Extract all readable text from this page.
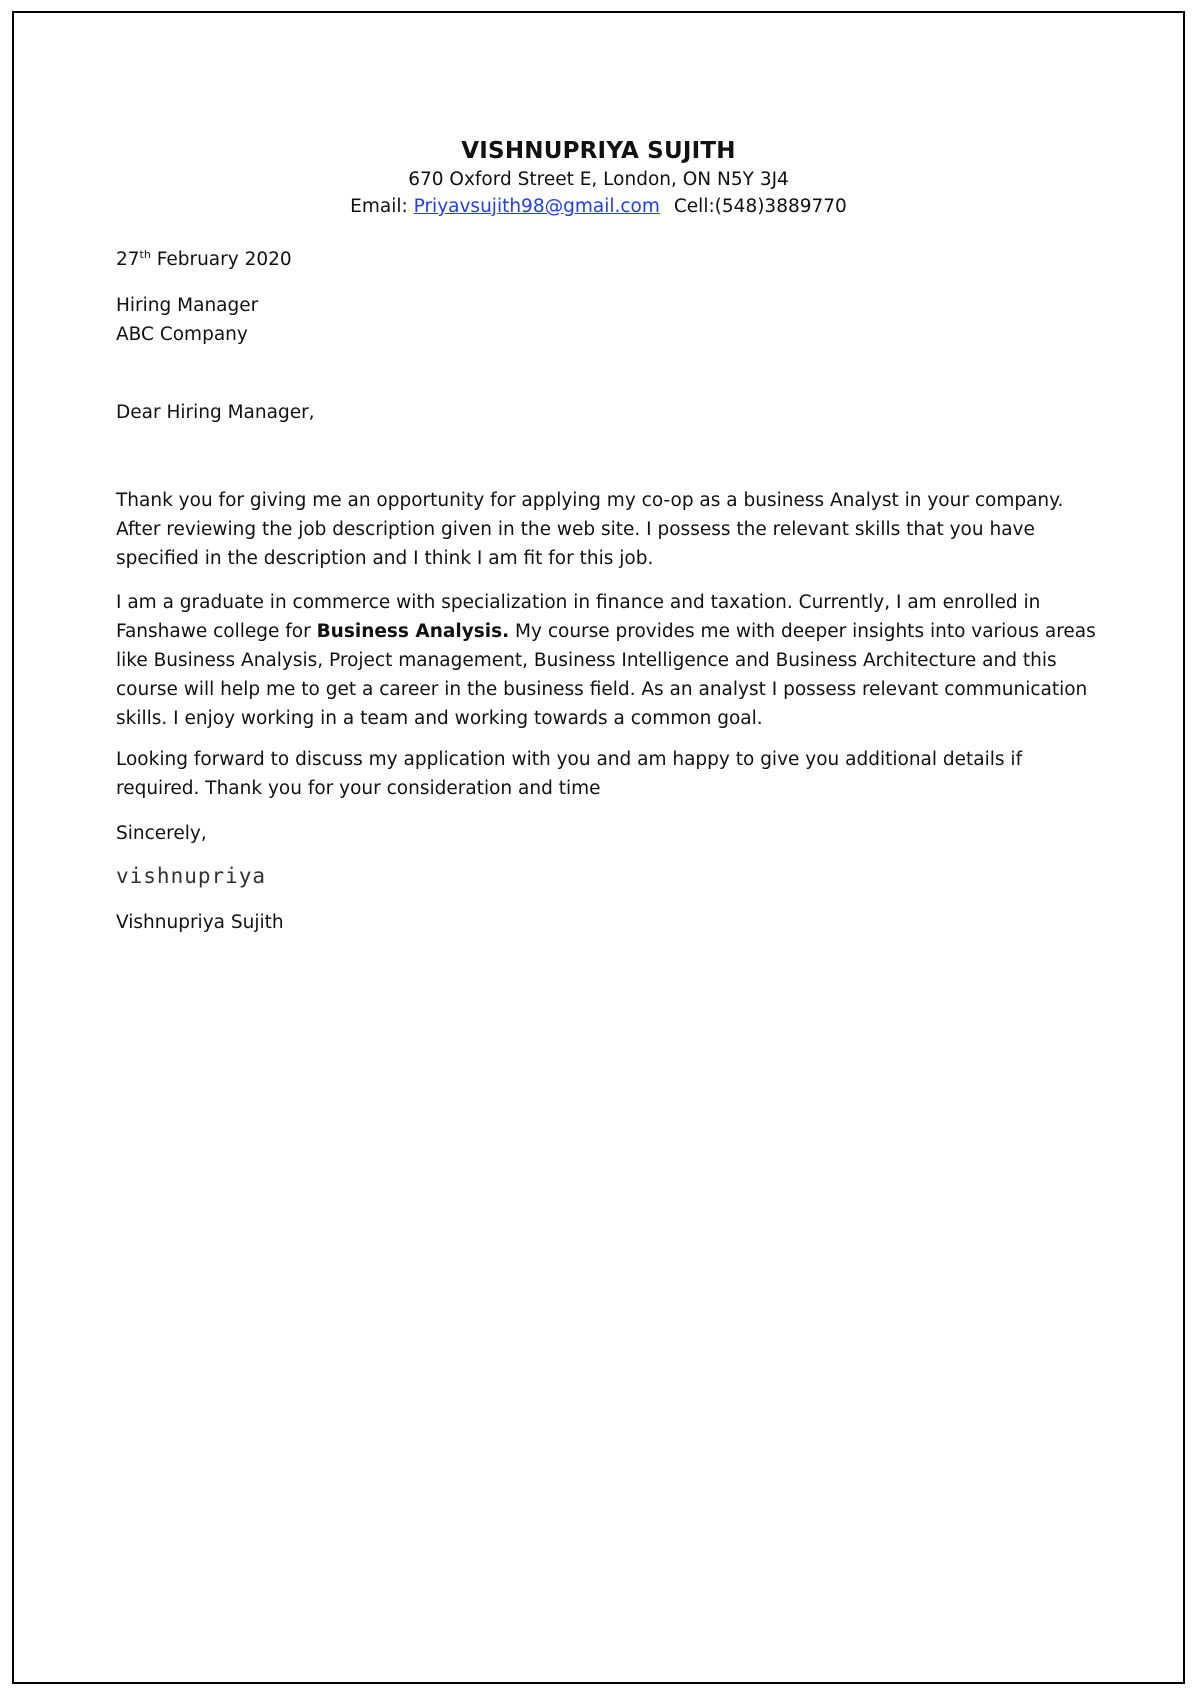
VISHNUPRIYA SUJITH
670 Oxford Street E, London, ON N5Y 3J4
Email: Priyavsujith98@gmail.com Cell:(548)3889770
27th February 2020
Hiring Manager
ABC Company
Dear Hiring Manager,

Thank you for giving me an opportunity for applying my co-op as a business Analyst in your company. After reviewing the job description given in the web site. I possess the relevant skills that you have specified in the description and I think I am fit for this job.

I am a graduate in commerce with specialization in finance and taxation. Currently, I am enrolled in Fanshawe college for Business Analysis. My course provides me with deeper insights into various areas like Business Analysis, Project management, Business Intelligence and Business Architecture and this course will help me to get a career in the business field. As an analyst I possess relevant communication skills. I enjoy working in a team and working towards a common goal.

Looking forward to discuss my application with you and am happy to give you additional details if required. Thank you for your consideration and time

Sincerely,
vishnupriya
Vishnupriya Sujith
